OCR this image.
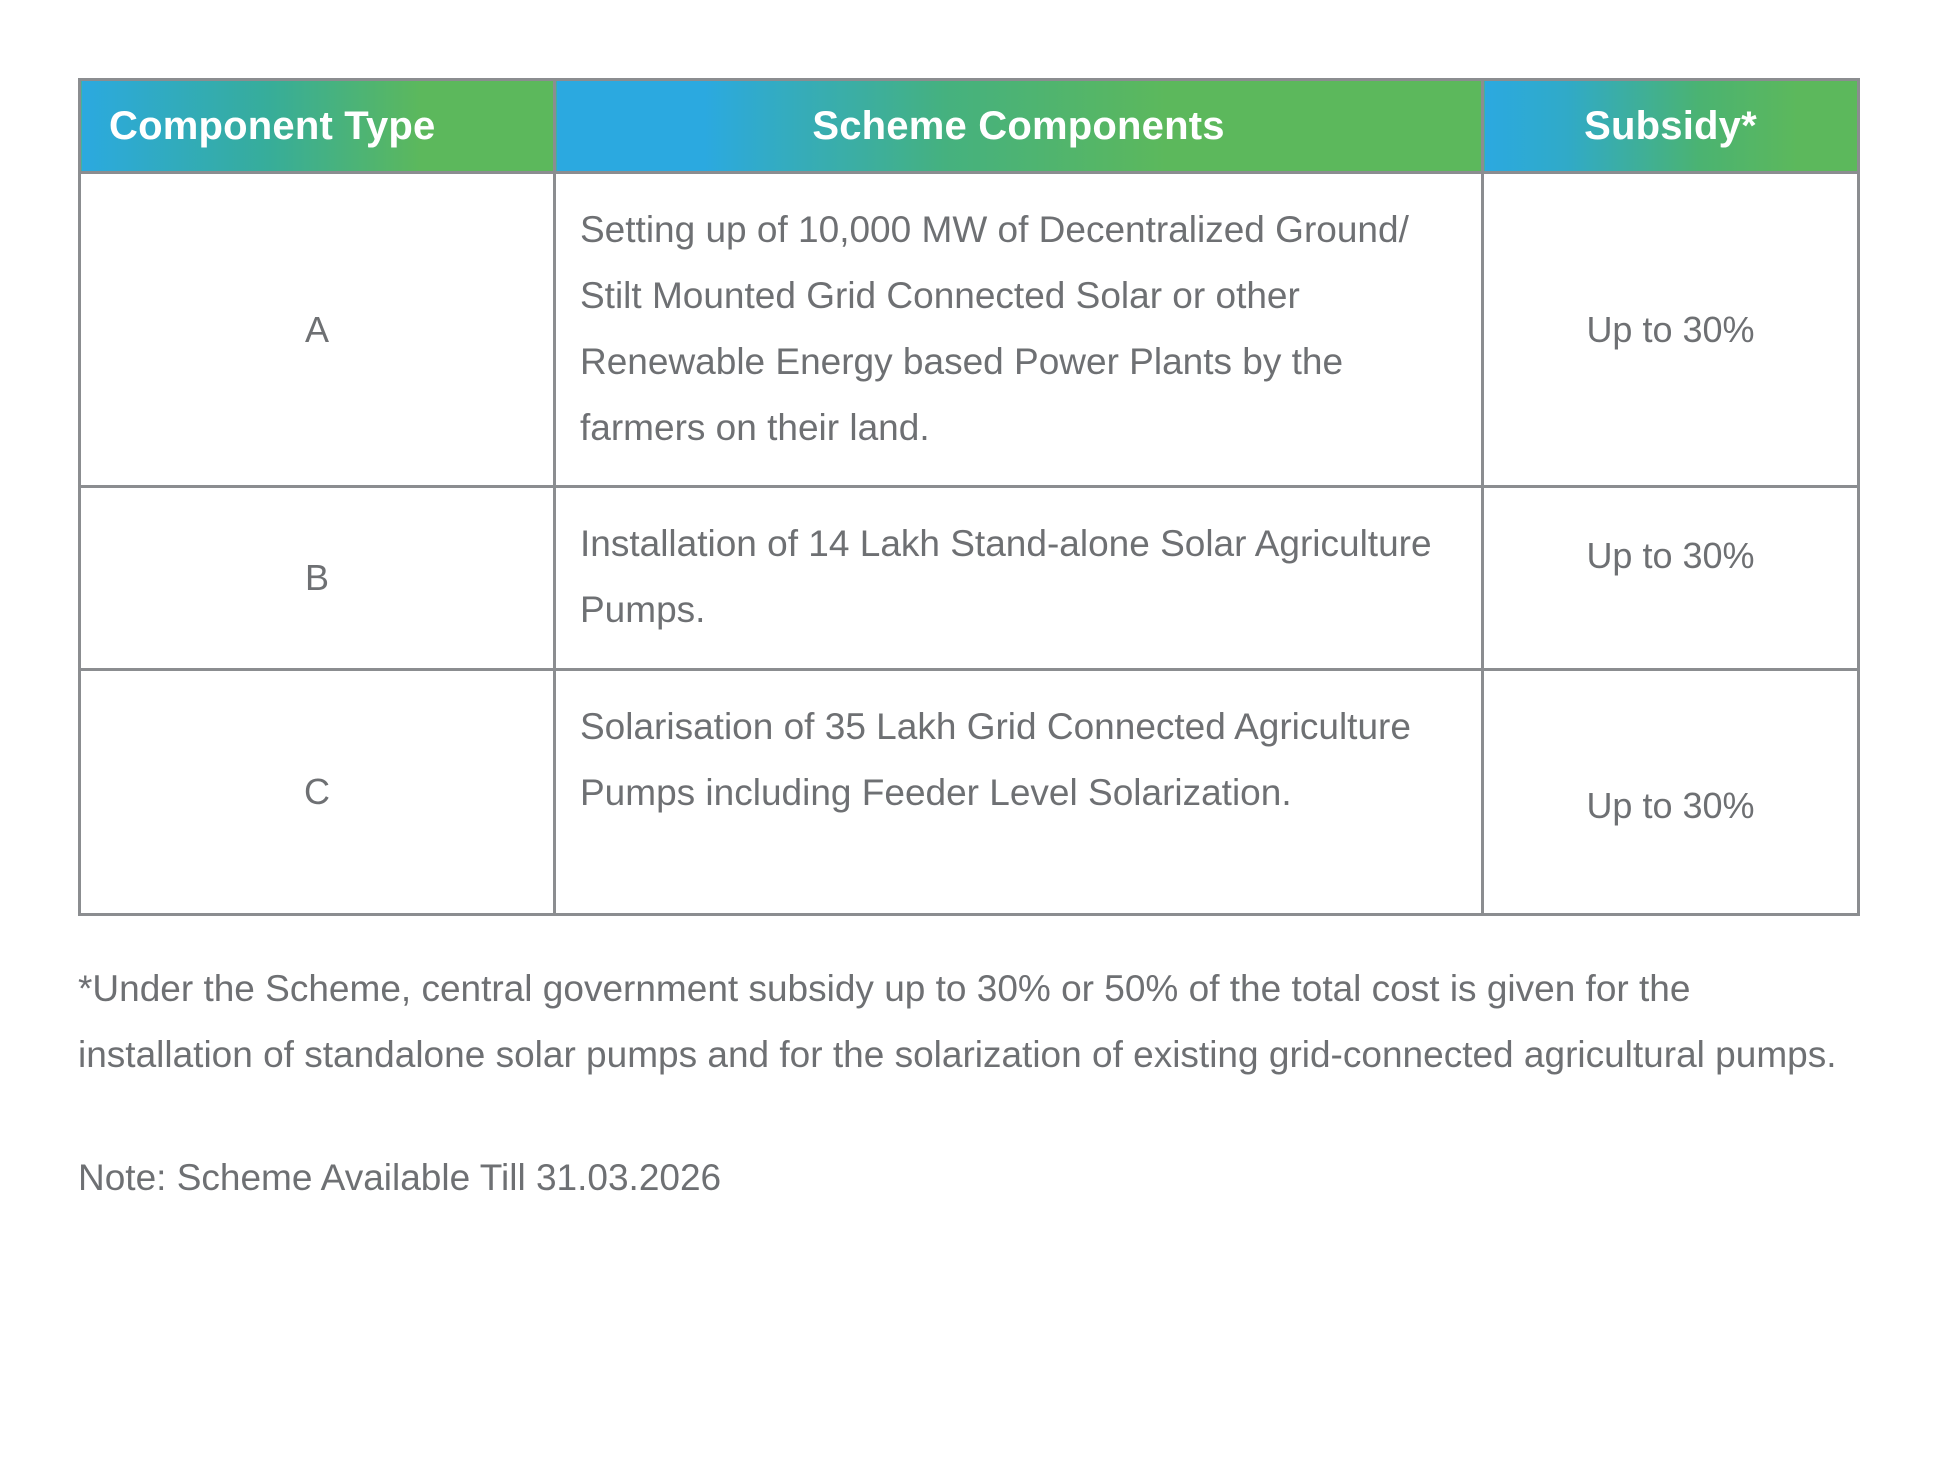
Component Type	Scheme Components	Subsidy*
A	Setting up of 10,000 MW of Decentralized Ground/ Stilt Mounted Grid Connected Solar or other Renewable Energy based Power Plants by the farmers on their land.	Up to 30%
B	Installation of 14 Lakh Stand-alone Solar Agriculture Pumps.	Up to 30%
C	Solarisation of 35 Lakh Grid Connected Agriculture Pumps including Feeder Level Solarization.	Up to 30%

*Under the Scheme, central government subsidy up to 30% or 50% of the total cost is given for the installation of standalone solar pumps and for the solarization of existing grid-connected agricultural pumps.

Note: Scheme Available Till 31.03.2026
